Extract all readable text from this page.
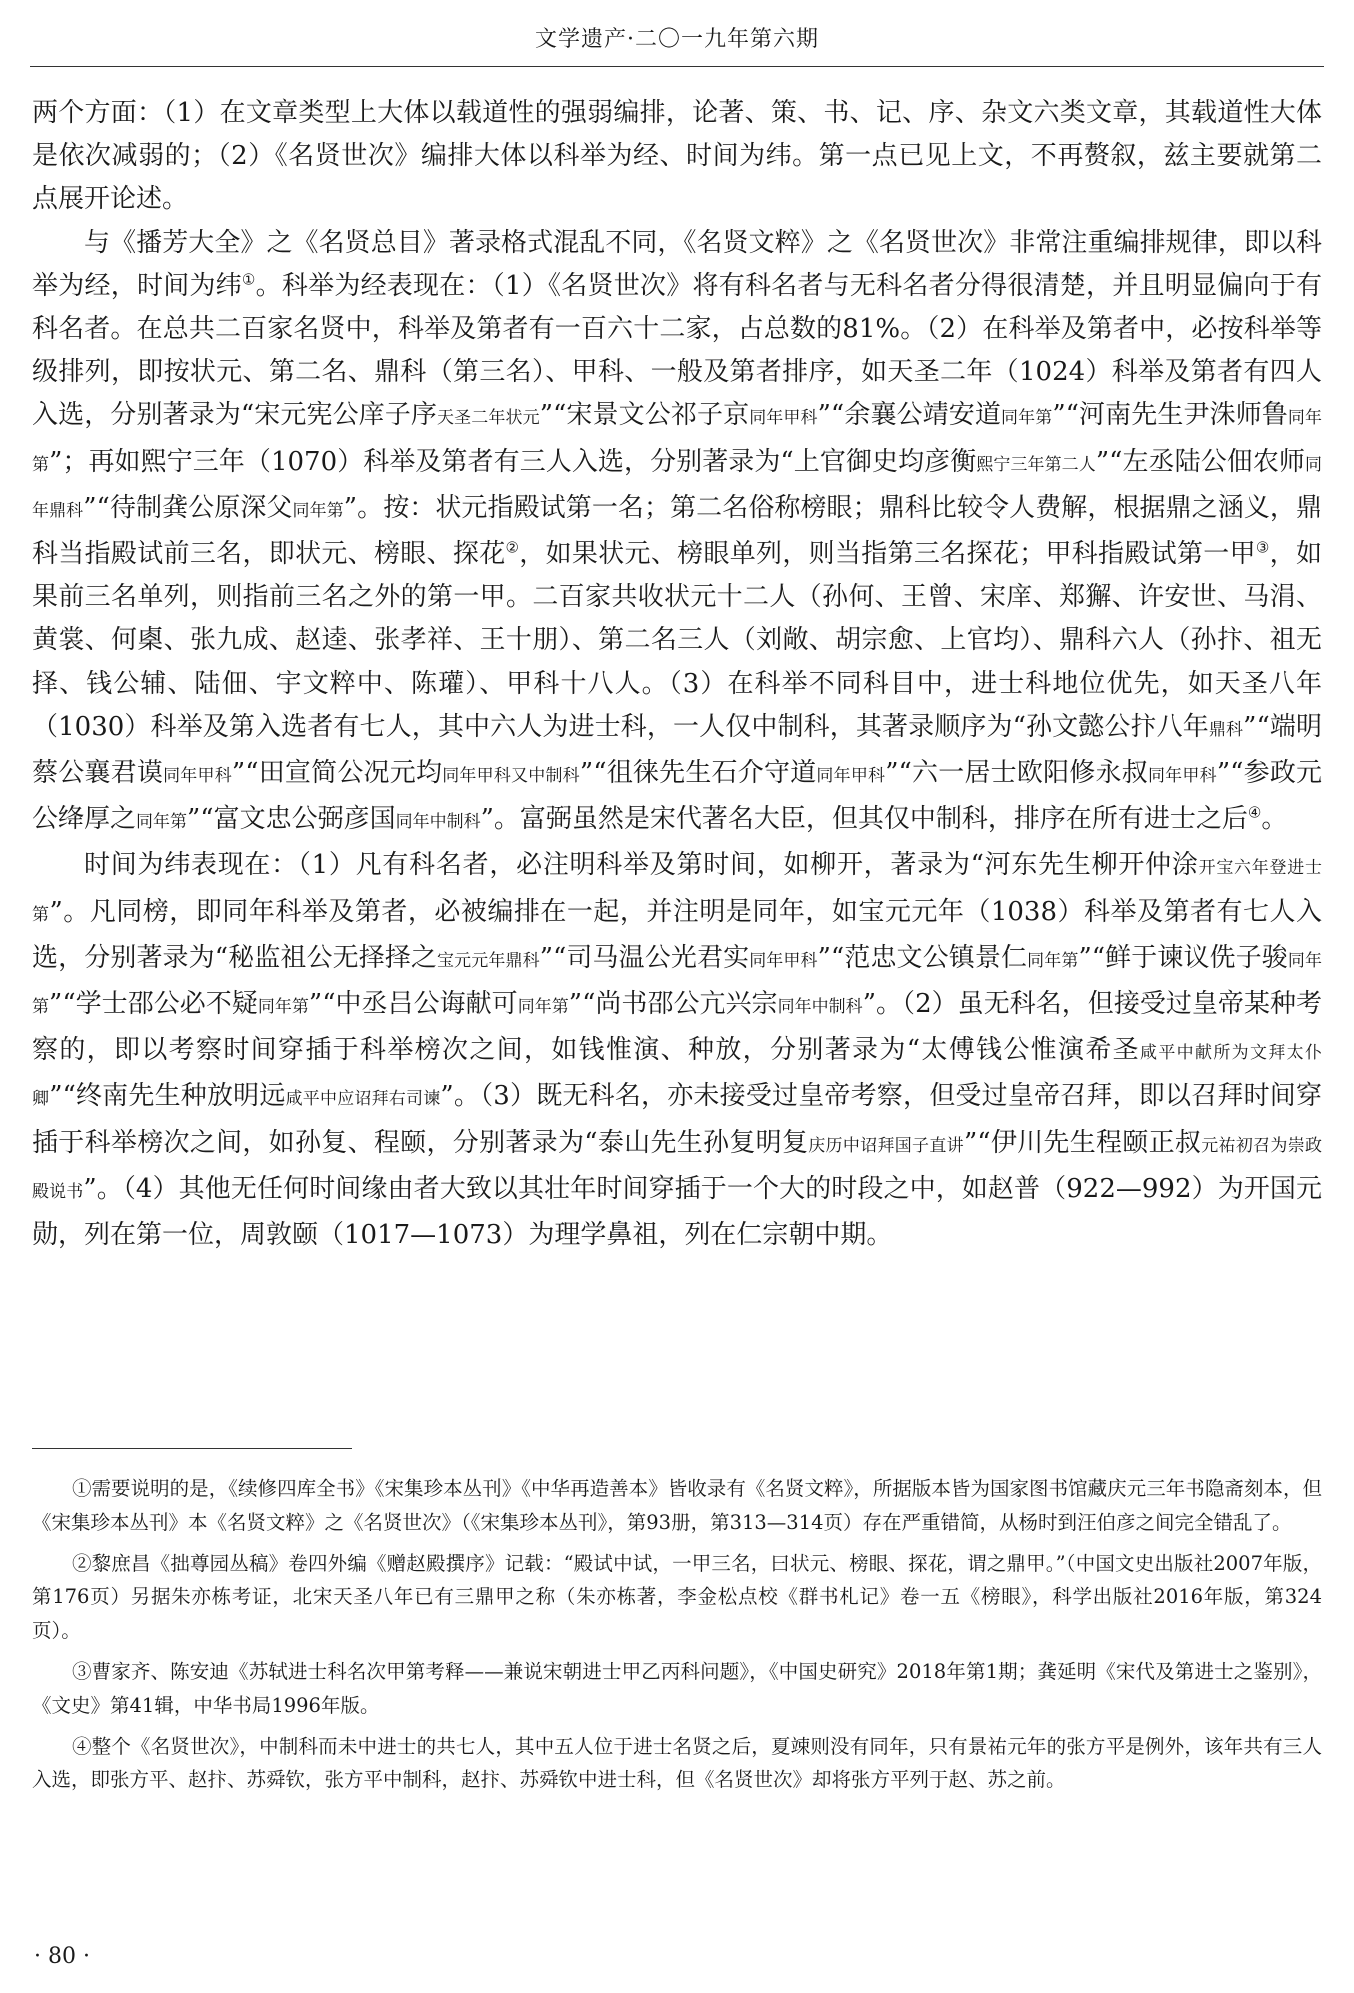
文学遗产·二〇一九年第六期

两个方面：（1）在文章类型上大体以载道性的强弱编排，论著、策、书、记、序、杂文六类文章，其载道性大体是依次减弱的；（2）《名贤世次》编排大体以科举为经、时间为纬。第一点已见上文，不再赘叙，兹主要就第二点展开论述。

与《播芳大全》之《名贤总目》著录格式混乱不同，《名贤文粹》之《名贤世次》非常注重编排规律，即以科举为经，时间为纬①。科举为经表现在：（1）《名贤世次》将有科名者与无科名者分得很清楚，并且明显偏向于有科名者。在总共二百家名贤中，科举及第者有一百六十二家，占总数的81%。（2）在科举及第者中，必按科举等级排列，即按状元、第二名、鼎科（第三名）、甲科、一般及第者排序，如天圣二年（1024）科举及第者有四人入选，分别著录为“宋元宪公庠子序天圣二年状元”“宋景文公祁子京同年甲科”“余襄公靖安道同年第”“河南先生尹洙师鲁同年第”；再如熙宁三年（1070）科举及第者有三人入选，分别著录为“上官御史均彦衡熙宁三年第二人”“左丞陆公佃农师同年鼎科”“待制龚公原深父同年第”。按：状元指殿试第一名；第二名俗称榜眼；鼎科比较令人费解，根据鼎之涵义，鼎科当指殿试前三名，即状元、榜眼、探花②，如果状元、榜眼单列，则当指第三名探花；甲科指殿试第一甲③，如果前三名单列，则指前三名之外的第一甲。二百家共收状元十二人（孙何、王曾、宋庠、郑獬、许安世、马涓、黄裳、何㮚、张九成、赵逵、张孝祥、王十朋）、第二名三人（刘敞、胡宗愈、上官均）、鼎科六人（孙抃、祖无择、钱公辅、陆佃、宇文粹中、陈瓘）、甲科十八人。（3）在科举不同科目中，进士科地位优先，如天圣八年（1030）科举及第入选者有七人，其中六人为进士科，一人仅中制科，其著录顺序为“孙文懿公抃八年鼎科”“端明蔡公襄君谟同年甲科”“田宣简公况元均同年甲科又中制科”“徂徕先生石介守道同年甲科”“六一居士欧阳修永叔同年甲科”“参政元公绛厚之同年第”“富文忠公弼彦国同年中制科”。富弼虽然是宋代著名大臣，但其仅中制科，排序在所有进士之后④。

时间为纬表现在：（1）凡有科名者，必注明科举及第时间，如柳开，著录为“河东先生柳开仲涂开宝六年登进士第”。凡同榜，即同年科举及第者，必被编排在一起，并注明是同年，如宝元元年（1038）科举及第者有七人入选，分别著录为“秘监祖公无择择之宝元元年鼎科”“司马温公光君实同年甲科”“范忠文公镇景仁同年第”“鲜于谏议侁子骏同年第”“学士邵公必不疑同年第”“中丞吕公诲献可同年第”“尚书邵公亢兴宗同年中制科”。（2）虽无科名，但接受过皇帝某种考察的，即以考察时间穿插于科举榜次之间，如钱惟演、种放，分别著录为“太傅钱公惟演希圣咸平中献所为文拜太仆卿”“终南先生种放明远咸平中应诏拜右司谏”。（3）既无科名，亦未接受过皇帝考察，但受过皇帝召拜，即以召拜时间穿插于科举榜次之间，如孙复、程颐，分别著录为“泰山先生孙复明复庆历中诏拜国子直讲”“伊川先生程颐正叔元祐初召为崇政殿说书”。（4）其他无任何时间缘由者大致以其壮年时间穿插于一个大的时段之中，如赵普（922—992）为开国元勋，列在第一位，周敦颐（1017—1073）为理学鼻祖，列在仁宗朝中期。

①需要说明的是，《续修四库全书》《宋集珍本丛刊》《中华再造善本》皆收录有《名贤文粹》，所据版本皆为国家图书馆藏庆元三年书隐斋刻本，但《宋集珍本丛刊》本《名贤文粹》之《名贤世次》（《宋集珍本丛刊》，第93册，第313—314页）存在严重错简，从杨时到汪伯彦之间完全错乱了。

②黎庶昌《拙尊园丛稿》卷四外编《赠赵殿撰序》记载：“殿试中试，一甲三名，曰状元、榜眼、探花，谓之鼎甲。”（中国文史出版社2007年版，第176页）另据朱亦栋考证，北宋天圣八年已有三鼎甲之称（朱亦栋著，李金松点校《群书札记》卷一五《榜眼》，科学出版社2016年版，第324页）。

③曹家齐、陈安迪《苏轼进士科名次甲第考释——兼说宋朝进士甲乙丙科问题》，《中国史研究》2018年第1期；龚延明《宋代及第进士之鉴别》，《文史》第41辑，中华书局1996年版。

④整个《名贤世次》，中制科而未中进士的共七人，其中五人位于进士名贤之后，夏竦则没有同年，只有景祐元年的张方平是例外，该年共有三人入选，即张方平、赵抃、苏舜钦，张方平中制科，赵抃、苏舜钦中进士科，但《名贤世次》却将张方平列于赵、苏之前。

· 80 ·
